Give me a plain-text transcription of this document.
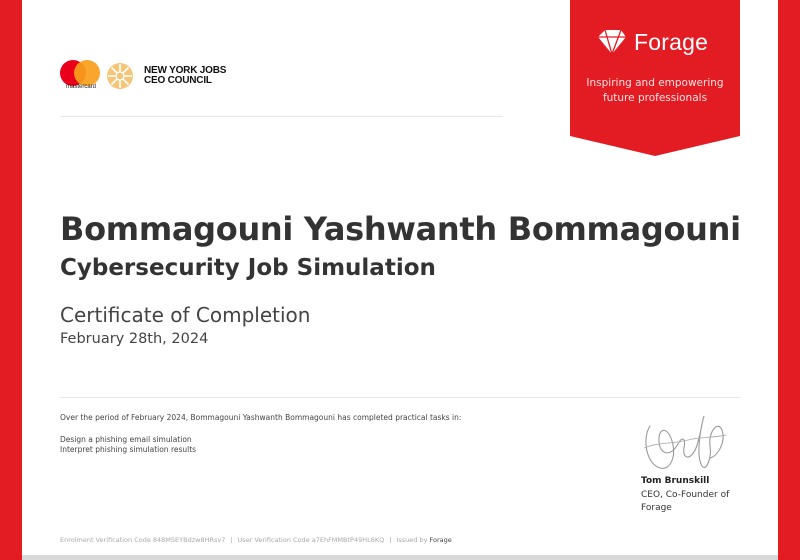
mastercard
NEW YORK JOBS
CEO COUNCIL
Forage
Inspiring and empowering
future professionals
Bommagouni Yashwanth Bommagouni
Cybersecurity Job Simulation
Certificate of Completion
February 28th, 2024
Over the period of February 2024, Bommagouni Yashwanth Bommagouni has completed practical tasks in:
Design a phishing email simulation
Interpret phishing simulation results
Tom Brunskill
CEO, Co-Founder of
Forage
Enrolment Verification Code 848MSEYBdzw8HRsv7 | User Verification Code a7EhFMMBtP49HL6KQ | Issued by Forage
